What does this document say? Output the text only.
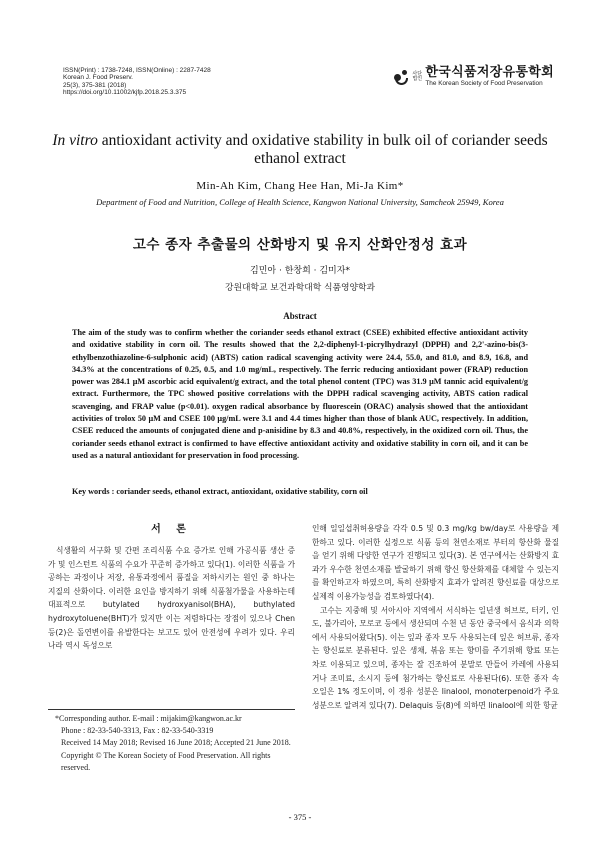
ISSN(Print) : 1738-7248, ISSN(Online) : 2287-7428
Korean J. Food Preserv.
25(3), 375-381 (2018)
https://doi.org/10.11002/kjfp.2018.25.3.375
사단법인 한국식품저장유통학회
The Korean Society of Food Preservation
In vitro antioxidant activity and oxidative stability in bulk oil of coriander seeds ethanol extract
Min-Ah Kim, Chang Hee Han, Mi-Ja Kim*
Department of Food and Nutrition, College of Health Science, Kangwon National University, Samcheok 25949, Korea
고수 종자 추출물의 산화방지 및 유지 산화안정성 효과
김민아 · 한창희 · 김미자*
강원대학교 보건과학대학 식품영양학과
Abstract
The aim of the study was to confirm whether the coriander seeds ethanol extract (CSEE) exhibited effective antioxidant activity and oxidative stability in corn oil. The results showed that the 2,2-diphenyl-1-picrylhydrazyl (DPPH) and 2,2'-azino-bis(3-ethylbenzothiazoline-6-sulphonic acid) (ABTS) cation radical scavenging activity were 24.4, 55.0, and 81.0, and 8.9, 16.8, and 34.3% at the concentrations of 0.25, 0.5, and 1.0 mg/mL, respectively. The ferric reducing antioxidant power (FRAP) reduction power was 284.1 μM ascorbic acid equivalent/g extract, and the total phenol content (TPC) was 31.9 μM tannic acid equivalent/g extract. Furthermore, the TPC showed positive correlations with the DPPH radical scavenging activity, ABTS cation radical scavenging, and FRAP value (p<0.01). oxygen radical absorbance by fluorescein (ORAC) analysis showed that the antioxidant activities of trolox 50 μM and CSEE 100 μg/mL were 3.1 and 4.4 times higher than those of blank AUC, respectively. In addition, CSEE reduced the amounts of conjugated diene and p-anisidine by 8.3 and 40.8%, respectively, in the oxidized corn oil. Thus, the coriander seeds ethanol extract is confirmed to have effective antioxidant activity and oxidative stability in corn oil, and it can be used as a natural antioxidant for preservation in food processing.
Key words : coriander seeds, ethanol extract, antioxidant, oxidative stability, corn oil
서 론

식생활의 서구화 및 간편 조리식품 수요 증가로 인해 가공식품 생산 증가 및 인스턴트 식품의 수요가 꾸준히 증가하고 있다(1). 이러한 식품을 가공하는 과정이나 저장, 유통과정에서 품질을 저하시키는 원인 중 하나는 지질의 산화이다. 이러한 요인을 방지하기 위해 식품첨가물을 사용하는데 대표적으로 butylated hydroxyanisol(BHA), buthylated hydroxytoluene(BHT)가 있지만 이는 저렴하다는 장점이 있으나 Chen 등(2)은 돌연변이를 유발한다는 보고도 있어 안전성에 우려가 있다. 우리나라 역시 독성으로

인해 일일섭취허용량을 각각 0.5 및 0.3 mg/kg bw/day로 사용량을 제한하고 있다. 이러한 실정으로 식품 등의 천연소재로 부터의 항산화 물질을 얻기 위해 다양한 연구가 진행되고 있다(3). 본 연구에서는 산화방지 효과가 우수한 천연소재를 발굴하기 위해 향신 항산화제를 대체할 수 있는지를 확인하고자 하였으며, 특히 산화방지 효과가 알려진 향신료를 대상으로 실제적 이용가능성을 검토하였다(4).

고수는 지중해 및 서아시아 지역에서 서식하는 일년생 허브로, 터키, 인도, 불가리아, 모로코 등에서 생산되며 수천 년 동안 중국에서 음식과 의학에서 사용되어왔다(5). 이는 잎과 종자 모두 사용되는데 잎은 허브류, 종자는 향신료로 분류된다. 잎은 생채, 볶음 또는 향미를 주기위해 향료 또는 차로 이용되고 있으며, 종자는 잘 건조하여 분말로 만들어 카레에 사용되거나 조미료, 소시지 등에 첨가하는 향신료로 사용된다(6). 또한 종자 속 오일은 1% 정도이며, 이 정유 성분은 linalool, monoterpenoid가 주요성분으로 알려져 있다(7). Delaquis 등(8)에 의하면 linalool에 의한 항균

*Corresponding author. E-mail : mijakim@kangwon.ac.kr
Phone : 82-33-540-3313, Fax : 82-33-540-3319
Received 14 May 2018; Revised 16 June 2018; Accepted 21 June 2018.
Copyright © The Korean Society of Food Preservation. All rights reserved.
- 375 -
